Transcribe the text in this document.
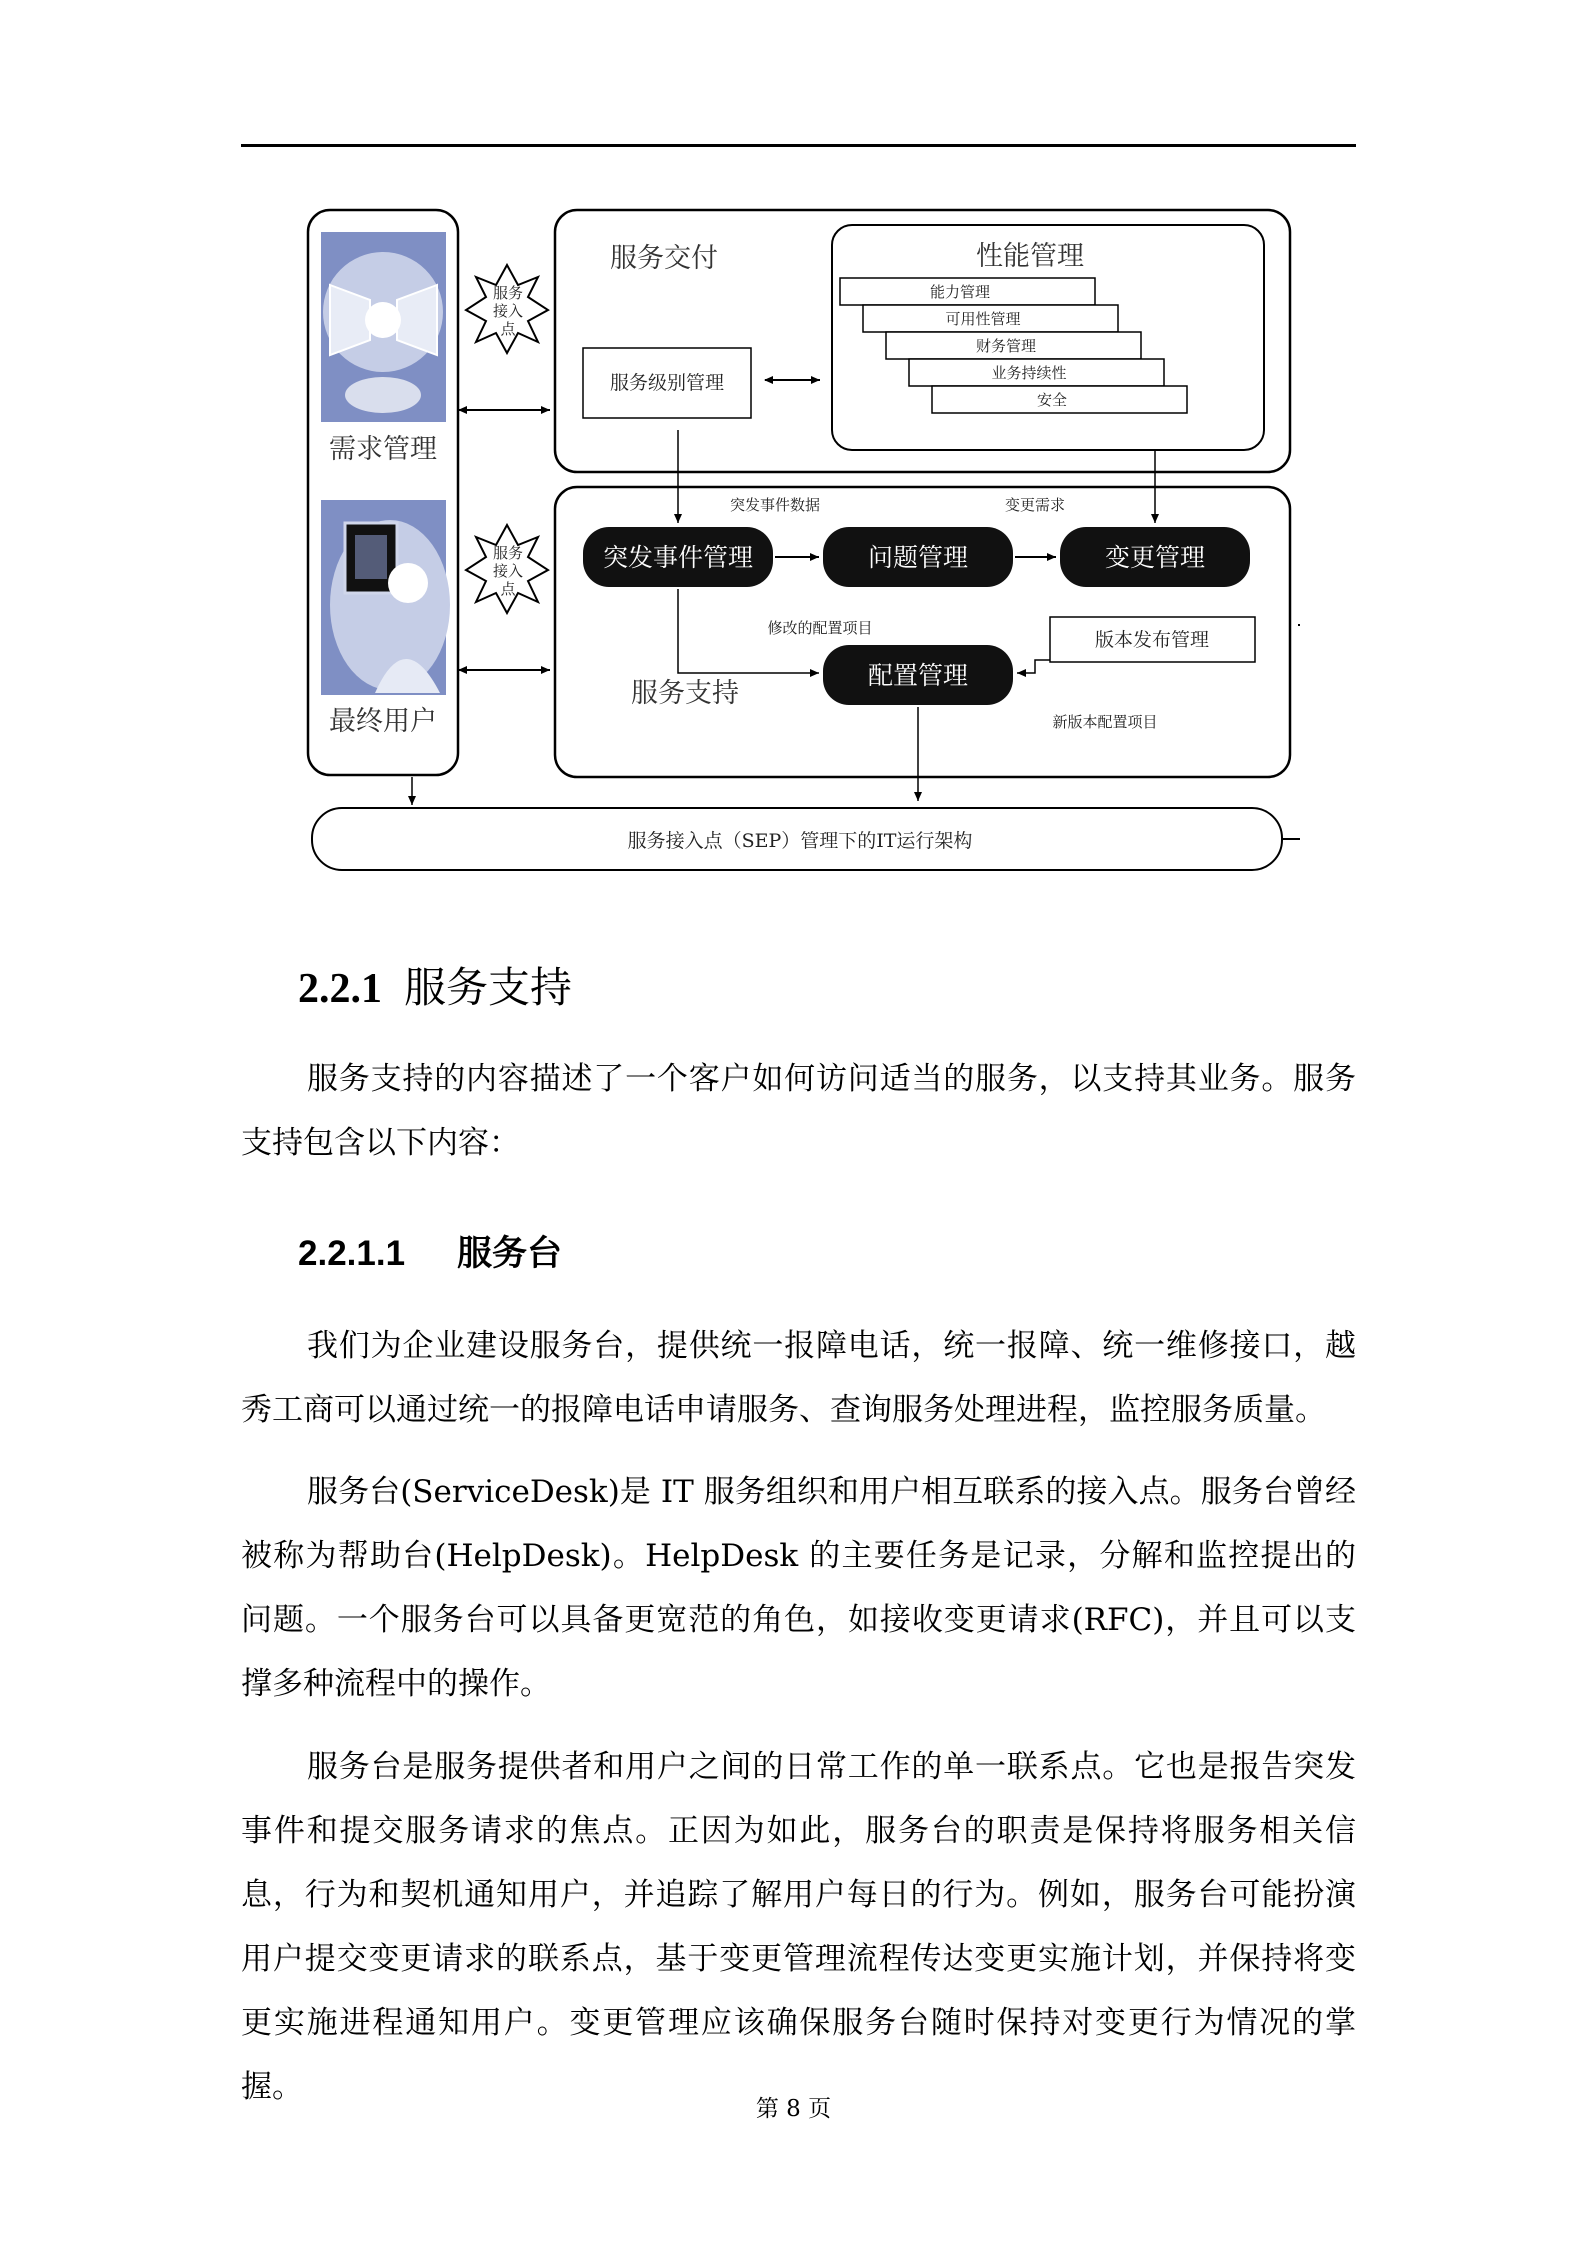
需求管理
最终用户
服务
接入
点
服务
接入
点
服务交付
服务级别管理
性能管理
能力管理
可用性管理
财务管理
业务持续性
安全
突发事件数据	变更需求
突发事件管理	问题管理	变更管理
修改的配置项目
版本发布管理
配置管理
服务支持
新版本配置项目
服务接入点（SEP）管理下的IT运行架构
2.2.1 服务支持

服务支持的内容描述了一个客户如何访问适当的服务，以支持其业务。服务支持包含以下内容：

2.2.1.1 服务台

我们为企业建设服务台，提供统一报障电话，统一报障、统一维修接口，越秀工商可以通过统一的报障电话申请服务、查询服务处理进程，监控服务质量。

服务台(ServiceDesk)是 IT 服务组织和用户相互联系的接入点。服务台曾经被称为帮助台(HelpDesk)。HelpDesk 的主要任务是记录，分解和监控提出的问题。一个服务台可以具备更宽范的角色，如接收变更请求(RFC)，并且可以支撑多种流程中的操作。

服务台是服务提供者和用户之间的日常工作的单一联系点。它也是报告突发事件和提交服务请求的焦点。正因为如此，服务台的职责是保持将服务相关信息，行为和契机通知用户，并追踪了解用户每日的行为。例如，服务台可能扮演用户提交变更请求的联系点，基于变更管理流程传达变更实施计划，并保持将变更实施进程通知用户。变更管理应该确保服务台随时保持对变更行为情况的掌握。

第 8 页
